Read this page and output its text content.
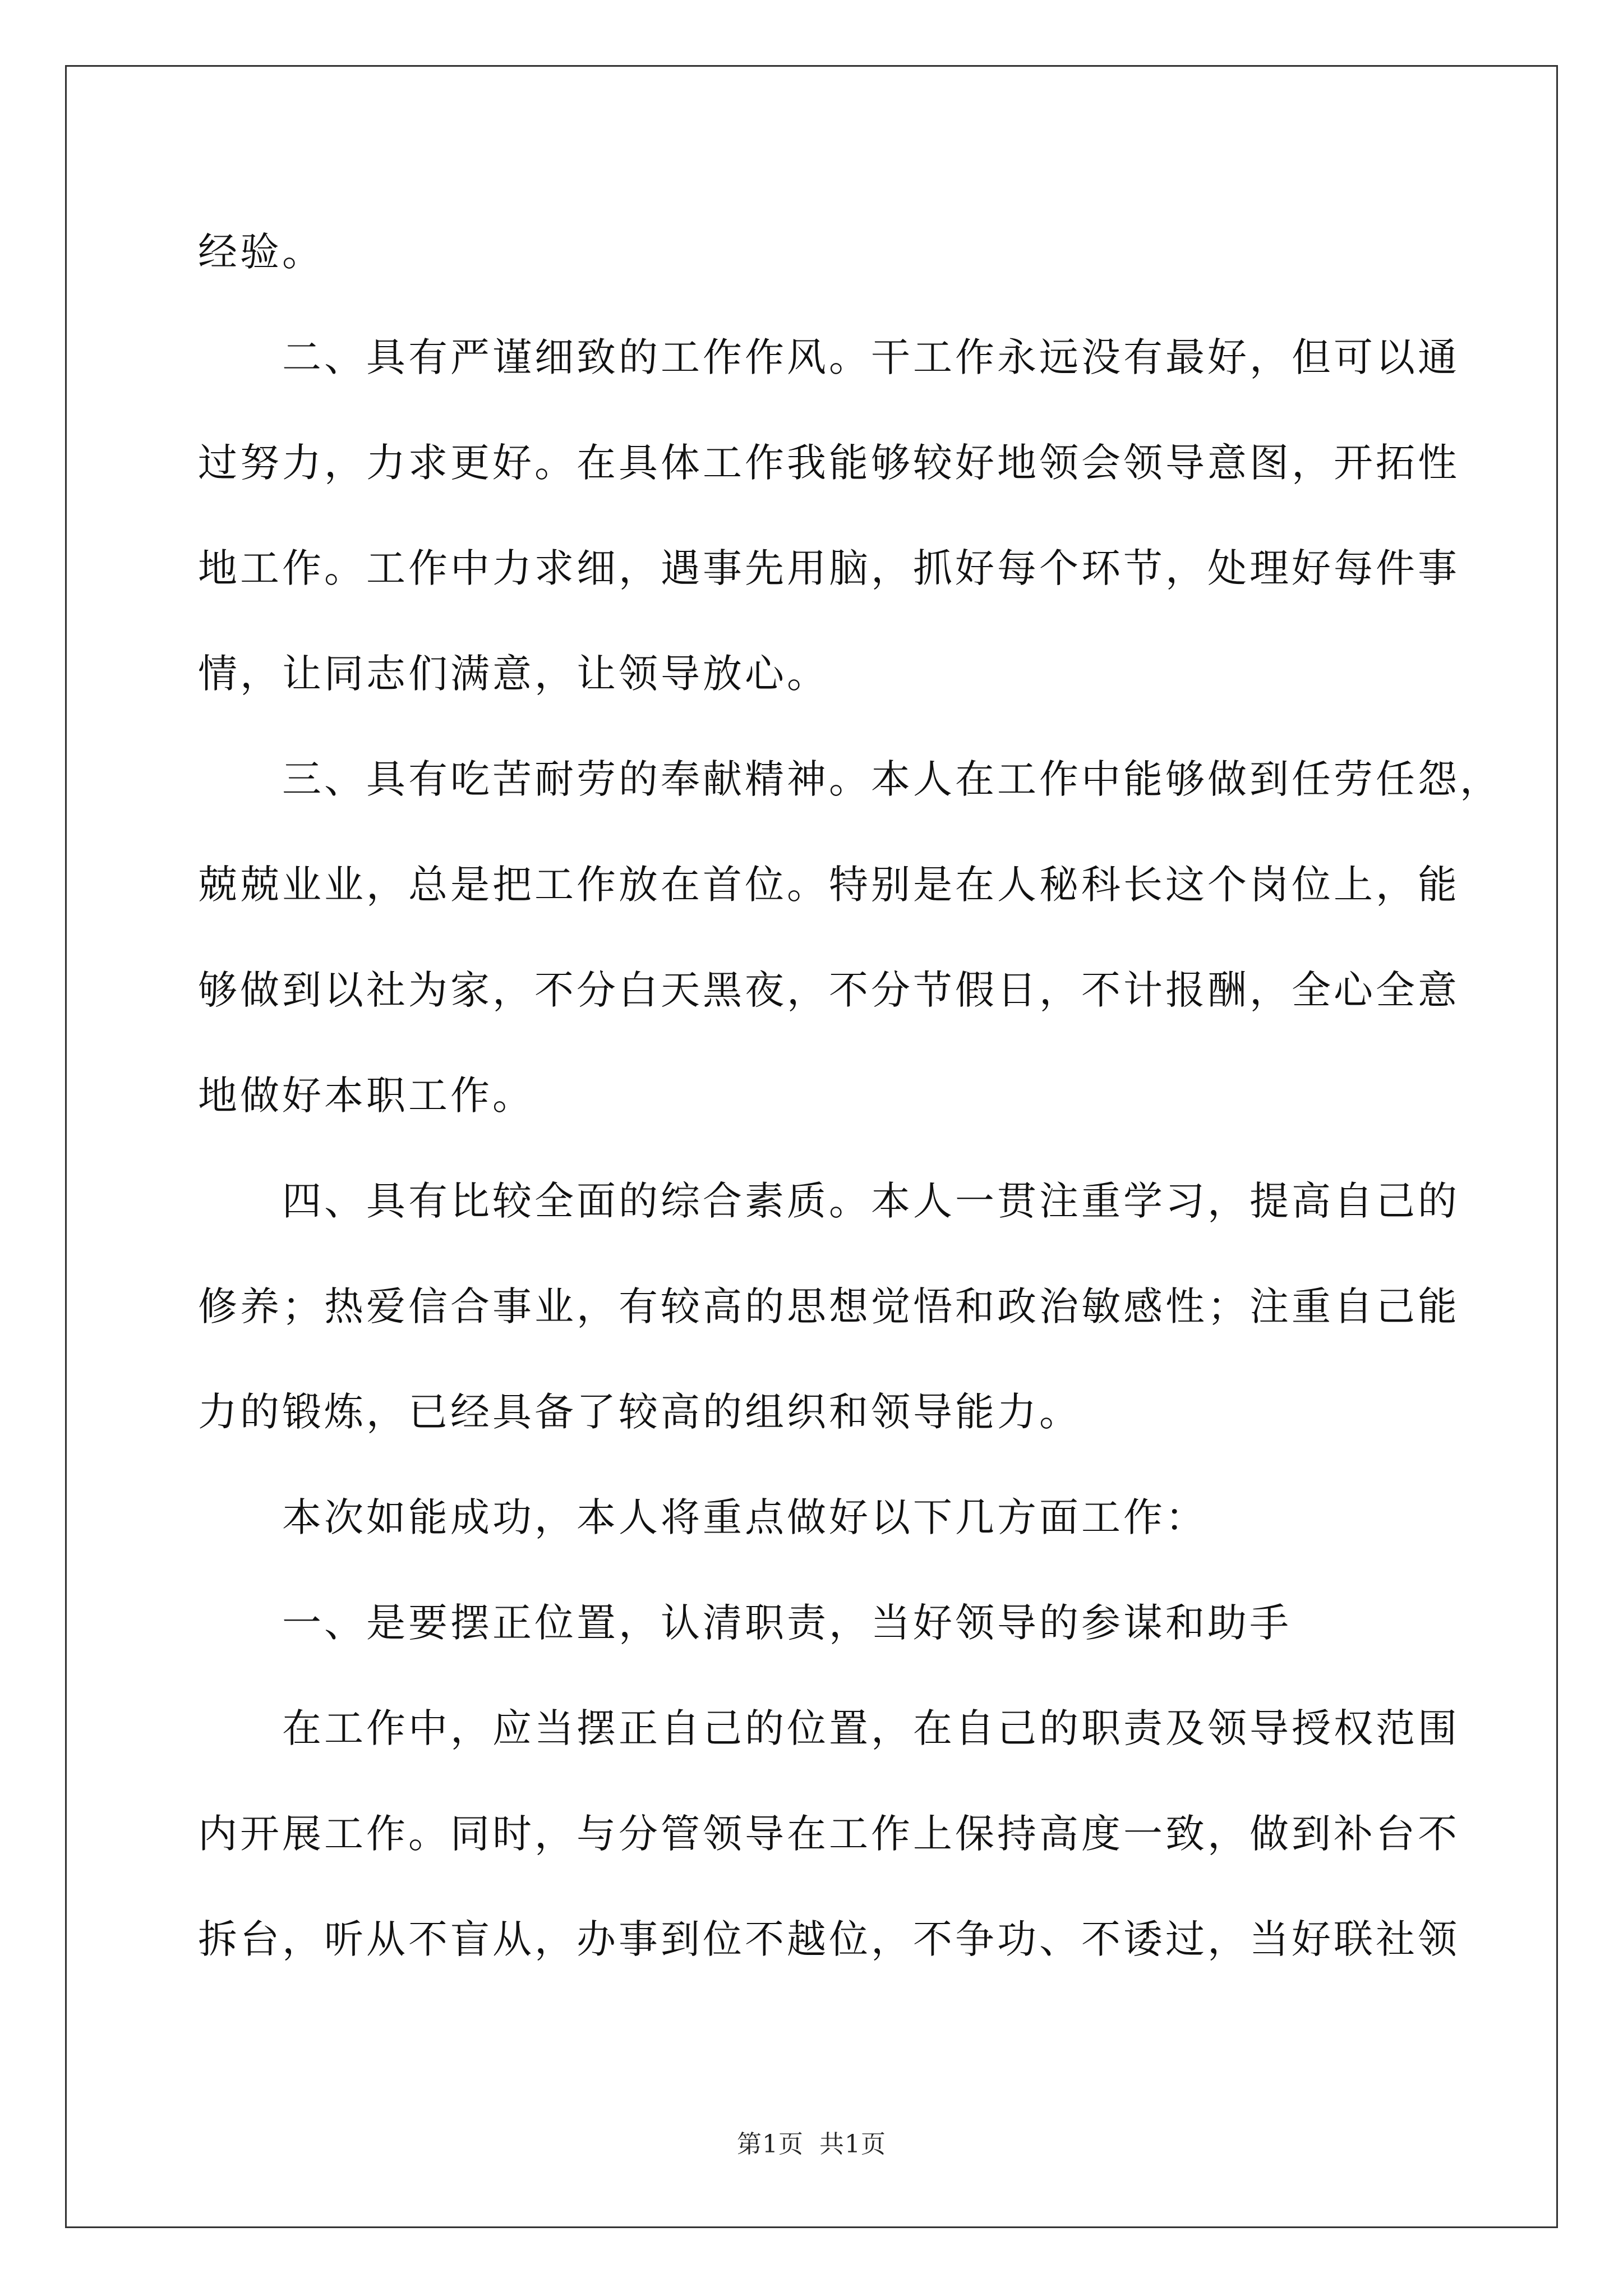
经验。
　　二、具有严谨细致的工作作风。干工作永远没有最好，但可以通
过努力，力求更好。在具体工作我能够较好地领会领导意图，开拓性
地工作。工作中力求细，遇事先用脑，抓好每个环节，处理好每件事
情，让同志们满意，让领导放心。
　　三、具有吃苦耐劳的奉献精神。本人在工作中能够做到任劳任怨，
兢兢业业，总是把工作放在首位。特别是在人秘科长这个岗位上，能
够做到以社为家，不分白天黑夜，不分节假日，不计报酬，全心全意
地做好本职工作。
　　四、具有比较全面的综合素质。本人一贯注重学习，提高自己的
修养；热爱信合事业，有较高的思想觉悟和政治敏感性；注重自己能
力的锻炼，已经具备了较高的组织和领导能力。
　　本次如能成功，本人将重点做好以下几方面工作：
　　一、是要摆正位置，认清职责，当好领导的参谋和助手
　　在工作中，应当摆正自己的位置，在自己的职责及领导授权范围
内开展工作。同时，与分管领导在工作上保持高度一致，做到补台不
拆台，听从不盲从，办事到位不越位，不争功、不诿过，当好联社领
第1页 共1页
